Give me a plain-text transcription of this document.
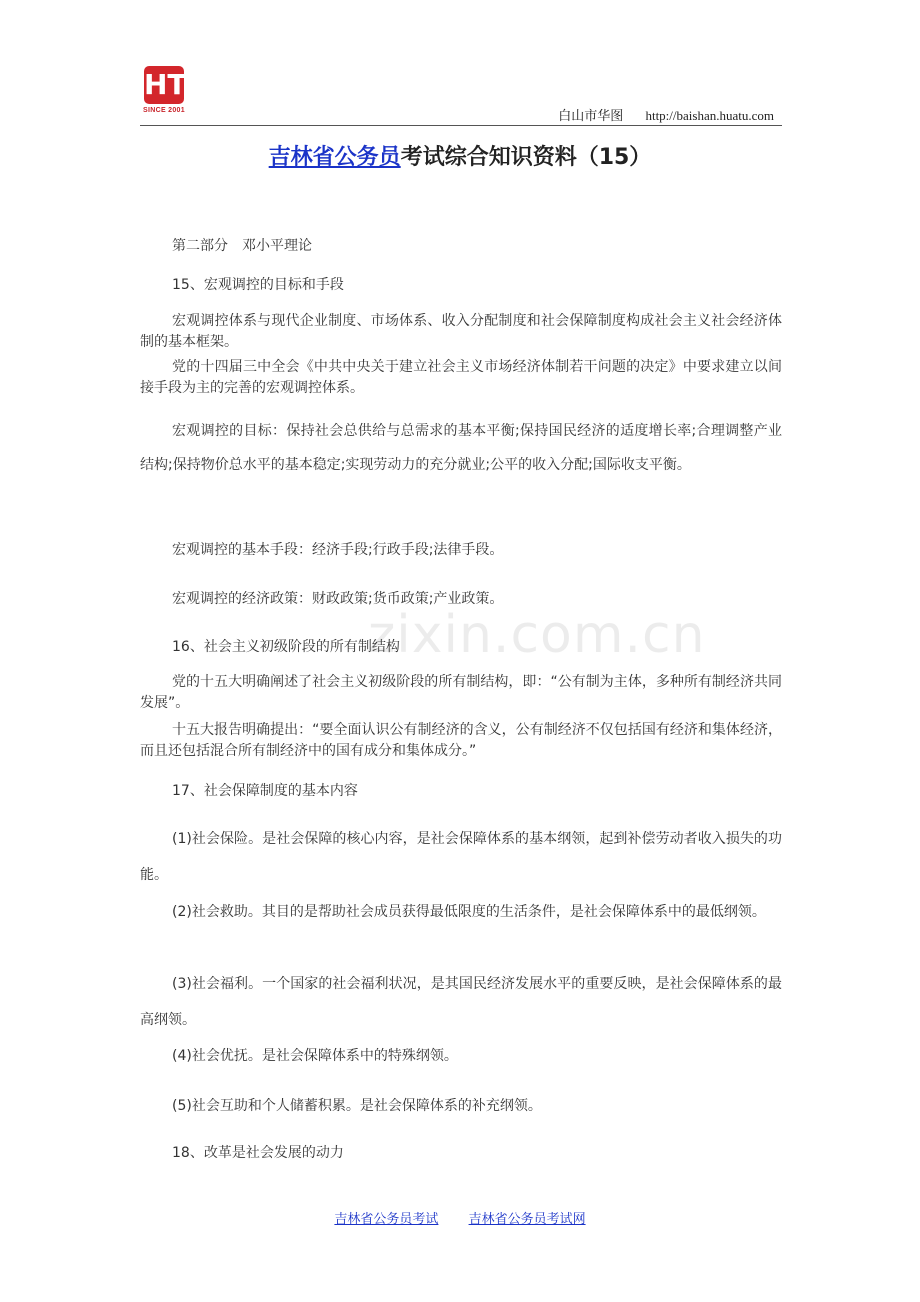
HT
SINCE 2001	白山市华图 http://baishan.huatu.com
吉林省公务员考试综合知识资料（15）
第二部分　邓小平理论
15、宏观调控的目标和手段
宏观调控体系与现代企业制度、市场体系、收入分配制度和社会保障制度构成社会主义社会经济体制的基本框架。
党的十四届三中全会《中共中央关于建立社会主义市场经济体制若干问题的决定》中要求建立以间接手段为主的完善的宏观调控体系。
宏观调控的目标：保持社会总供给与总需求的基本平衡;保持国民经济的适度增长率;合理调整产业结构;保持物价总水平的基本稳定;实现劳动力的充分就业;公平的收入分配;国际收支平衡。
宏观调控的基本手段：经济手段;行政手段;法律手段。
宏观调控的经济政策：财政政策;货币政策;产业政策。
zixin.com.cn
16、社会主义初级阶段的所有制结构
党的十五大明确阐述了社会主义初级阶段的所有制结构，即：“公有制为主体，多种所有制经济共同发展”。
十五大报告明确提出：“要全面认识公有制经济的含义，公有制经济不仅包括国有经济和集体经济，而且还包括混合所有制经济中的国有成分和集体成分。”
17、社会保障制度的基本内容
(1)社会保险。是社会保障的核心内容，是社会保障体系的基本纲领，起到补偿劳动者收入损失的功能。
(2)社会救助。其目的是帮助社会成员获得最低限度的生活条件，是社会保障体系中的最低纲领。
(3)社会福利。一个国家的社会福利状况，是其国民经济发展水平的重要反映，是社会保障体系的最高纲领。
(4)社会优抚。是社会保障体系中的特殊纲领。
(5)社会互助和个人储蓄积累。是社会保障体系的补充纲领。
18、改革是社会发展的动力
吉林省公务员考试 吉林省公务员考试网
